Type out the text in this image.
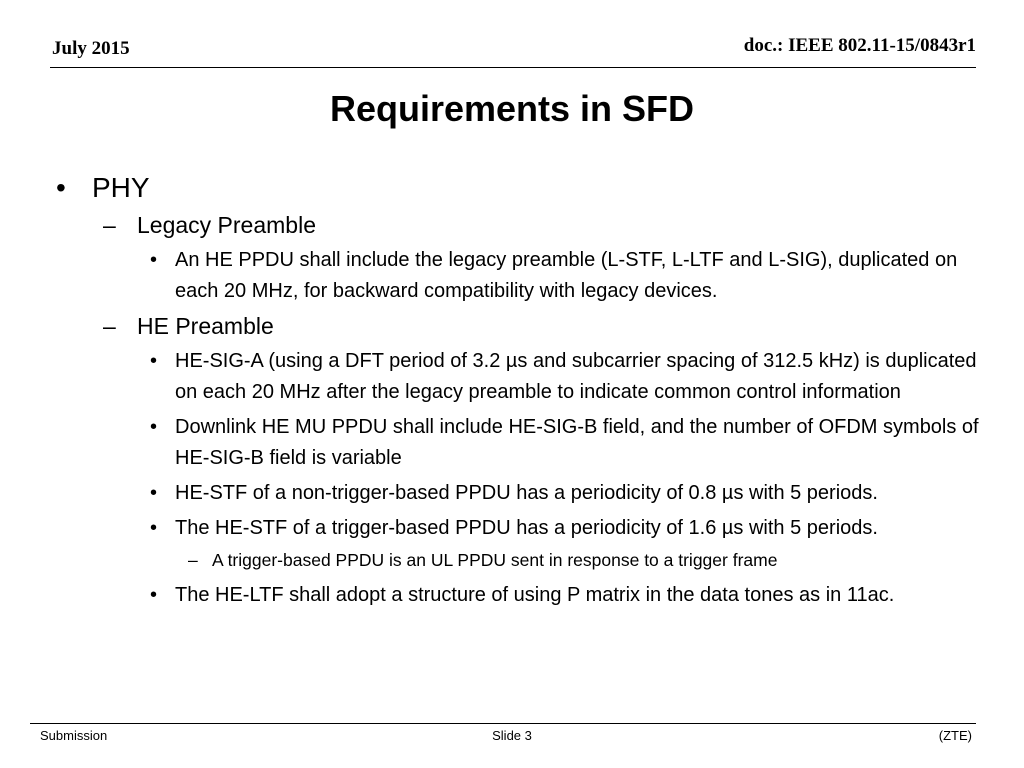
July 2015	doc.: IEEE 802.11-15/0843r1
Requirements in SFD
• PHY
– Legacy Preamble
• An HE PPDU shall include the legacy preamble (L-STF, L-LTF and L-SIG), duplicated on each 20 MHz, for backward compatibility with legacy devices.
– HE Preamble
• HE-SIG-A (using a DFT period of 3.2 µs and subcarrier spacing of 312.5 kHz) is duplicated on each 20 MHz after the legacy preamble to indicate common control information
• Downlink HE MU PPDU shall include HE-SIG-B field, and the number of OFDM symbols of HE-SIG-B field is variable
• HE-STF of a non-trigger-based PPDU has a periodicity of 0.8 µs with 5 periods.
• The HE-STF of a trigger-based PPDU has a periodicity of 1.6 µs with 5 periods.
– A trigger-based PPDU is an UL PPDU sent in response to a trigger frame
• The HE-LTF shall adopt a structure of using P matrix in the data tones as in 11ac.
Submission	Slide 3	(ZTE)
